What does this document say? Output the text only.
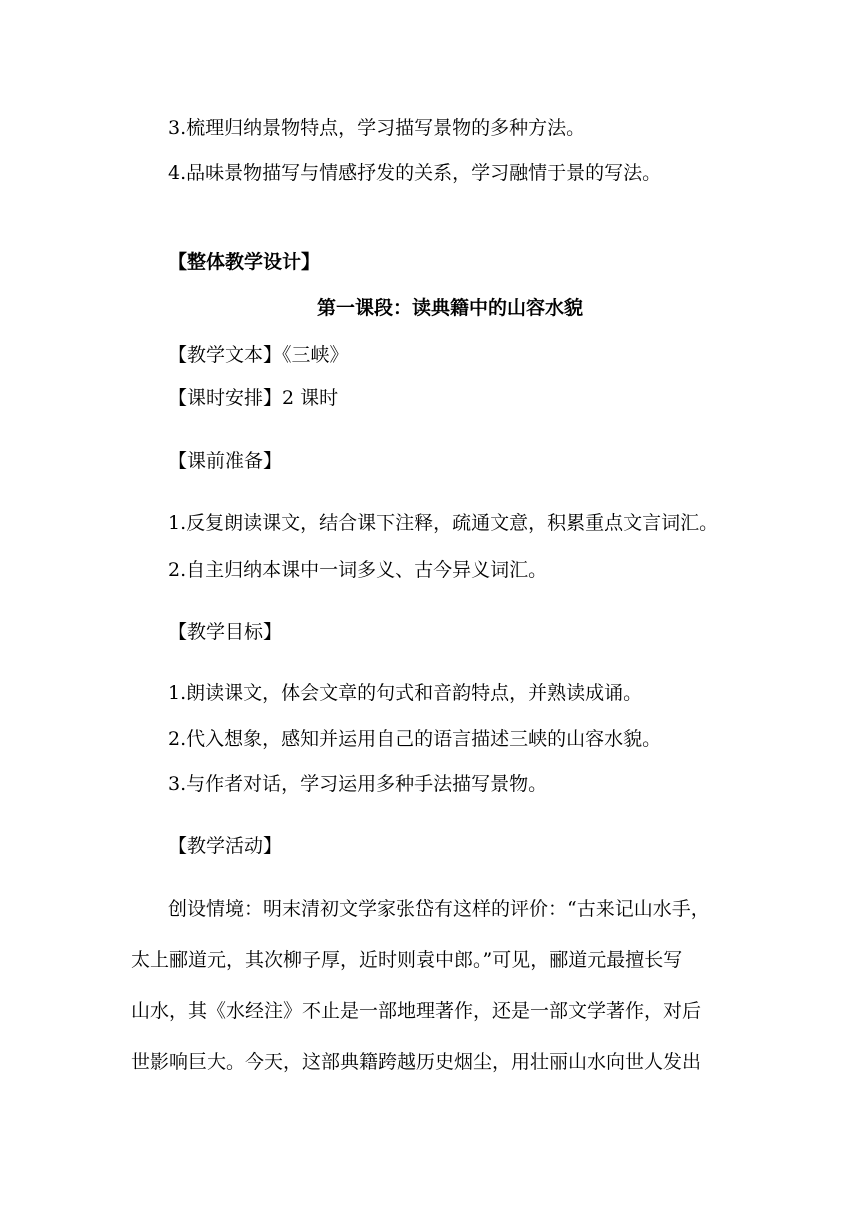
3.梳理归纳景物特点，学习描写景物的多种方法。
4.品味景物描写与情感抒发的关系，学习融情于景的写法。
【整体教学设计】
第一课段：读典籍中的山容水貌
【教学文本】《三峡》
【课时安排】2 课时
【课前准备】
1.反复朗读课文，结合课下注释，疏通文意，积累重点文言词汇。
2.自主归纳本课中一词多义、古今异义词汇。
【教学目标】
1.朗读课文，体会文章的句式和音韵特点，并熟读成诵。
2.代入想象，感知并运用自己的语言描述三峡的山容水貌。
3.与作者对话，学习运用多种手法描写景物。
【教学活动】
创设情境：明末清初文学家张岱有这样的评价：“古来记山水手，
太上郦道元，其次柳子厚，近时则袁中郎。”可见，郦道元最擅长写
山水，其《水经注》不止是一部地理著作，还是一部文学著作，对后
世影响巨大。今天，这部典籍跨越历史烟尘，用壮丽山水向世人发出
